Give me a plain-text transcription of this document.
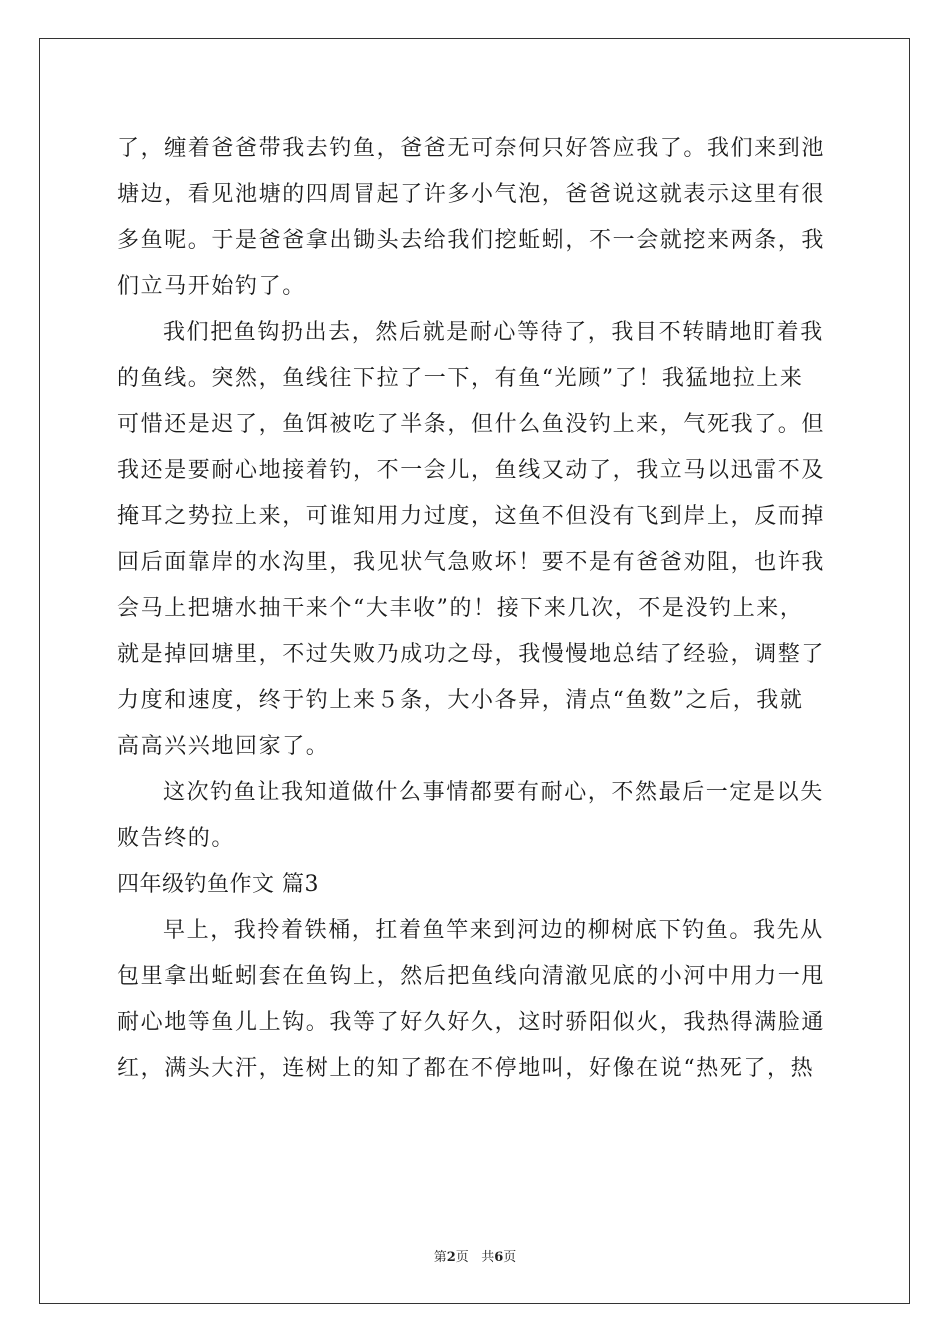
了，缠着爸爸带我去钓鱼，爸爸无可奈何只好答应我了。我们来到池
塘边，看见池塘的四周冒起了许多小气泡，爸爸说这就表示这里有很
多鱼呢。于是爸爸拿出锄头去给我们挖蚯蚓，不一会就挖来两条，我
们立马开始钓了。
我们把鱼钩扔出去，然后就是耐心等待了，我目不转睛地盯着我
的鱼线。突然，鱼线往下拉了一下，有鱼“光顾”了！我猛地拉上来
可惜还是迟了，鱼饵被吃了半条，但什么鱼没钓上来，气死我了。但
我还是要耐心地接着钓，不一会儿，鱼线又动了，我立马以迅雷不及
掩耳之势拉上来，可谁知用力过度，这鱼不但没有飞到岸上，反而掉
回后面靠岸的水沟里，我见状气急败坏！要不是有爸爸劝阻，也许我
会马上把塘水抽干来个“大丰收”的！接下来几次，不是没钓上来，
就是掉回塘里，不过失败乃成功之母，我慢慢地总结了经验，调整了
力度和速度，终于钓上来５条，大小各异，清点“鱼数”之后，我就
高高兴兴地回家了。
这次钓鱼让我知道做什么事情都要有耐心，不然最后一定是以失
败告终的。
四年级钓鱼作文 篇3
早上，我拎着铁桶，扛着鱼竿来到河边的柳树底下钓鱼。我先从
包里拿出蚯蚓套在鱼钩上，然后把鱼线向清澈见底的小河中用力一甩
耐心地等鱼儿上钩。我等了好久好久，这时骄阳似火，我热得满脸通
红，满头大汗，连树上的知了都在不停地叫，好像在说“热死了，热
第2页 共6页
